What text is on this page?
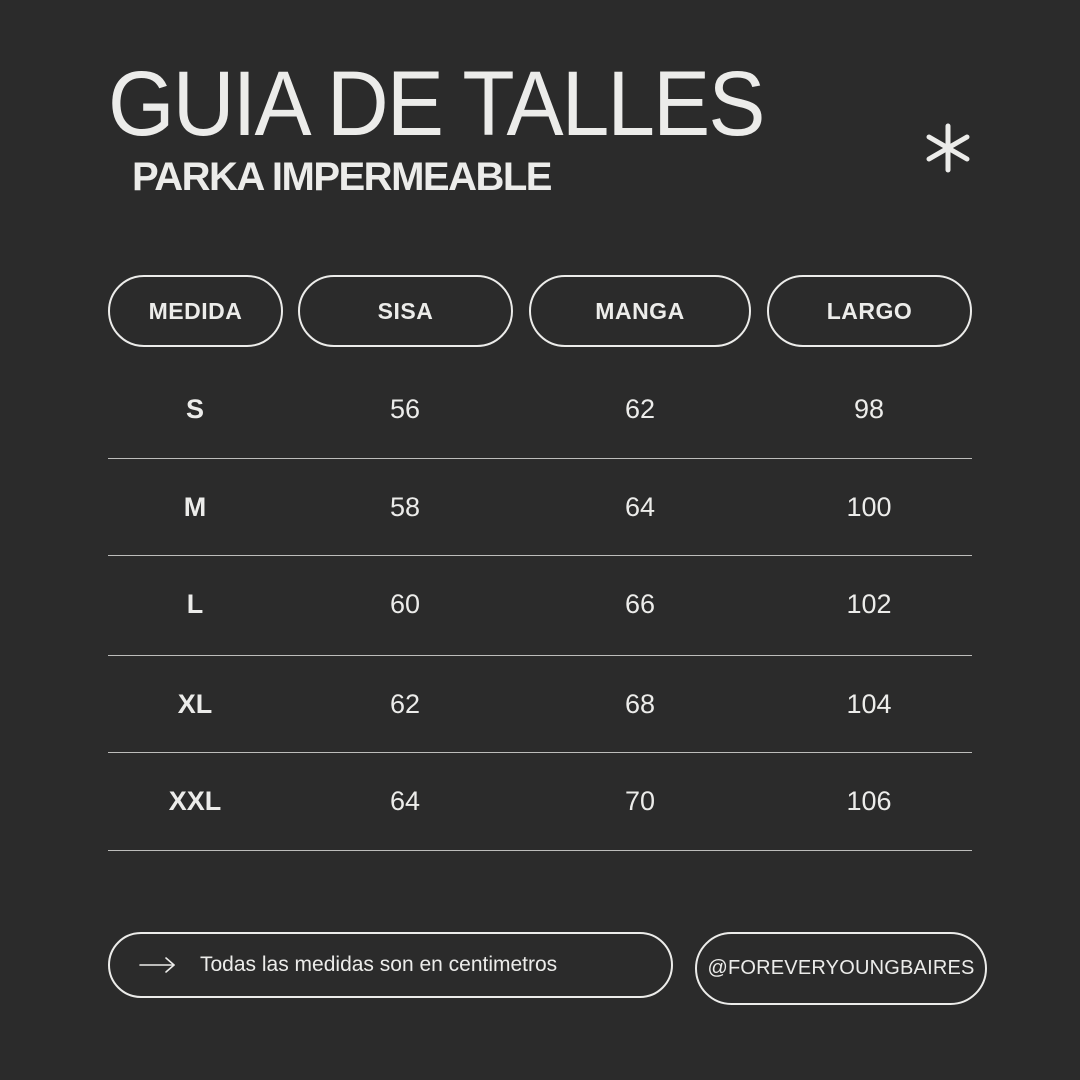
GUIA DE TALLES
PARKA IMPERMEABLE
MEDIDA	SISA	MANGA	LARGO
S	56	62	98
M	58	64	100
L	60	66	102
XL	62	68	104
XXL	64	70	106
Todas las medidas son en centimetros	@FOREVERYOUNGBAIRES
